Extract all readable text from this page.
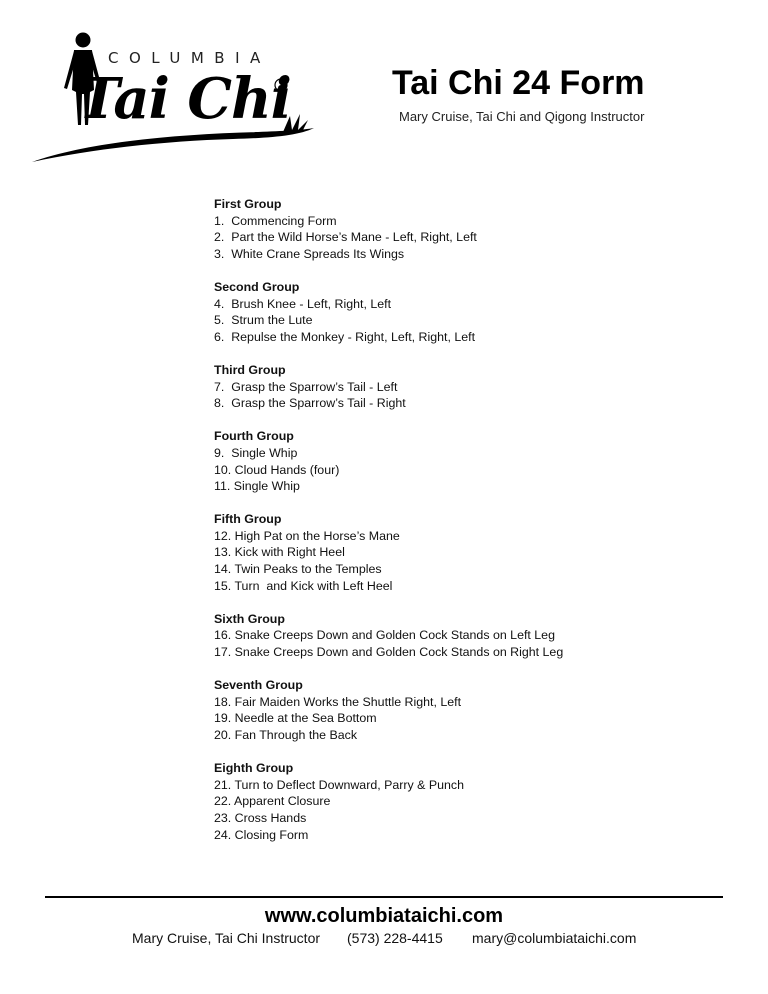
COLUMBIA
Tai Chi	Tai Chi 24 Form
Mary Cruise, Tai Chi and Qigong Instructor
First Group
1.  Commencing Form
2.  Part the Wild Horse’s Mane - Left, Right, Left
3.  White Crane Spreads Its Wings
Second Group
4.  Brush Knee - Left, Right, Left
5.  Strum the Lute
6.  Repulse the Monkey - Right, Left, Right, Left
Third Group
7.  Grasp the Sparrow’s Tail - Left
8.  Grasp the Sparrow’s Tail - Right
Fourth Group
9.  Single Whip
10. Cloud Hands (four)
11. Single Whip
Fifth Group
12. High Pat on the Horse’s Mane
13. Kick with Right Heel
14. Twin Peaks to the Temples
15. Turn  and Kick with Left Heel
Sixth Group
16. Snake Creeps Down and Golden Cock Stands on Left Leg
17. Snake Creeps Down and Golden Cock Stands on Right Leg
Seventh Group
18. Fair Maiden Works the Shuttle Right, Left
19. Needle at the Sea Bottom
20. Fan Through the Back
Eighth Group
21. Turn to Deflect Downward, Parry & Punch
22. Apparent Closure
23. Cross Hands
24. Closing Form
www.columbiataichi.com
Mary Cruise, Tai Chi Instructor (573) 228-4415 mary@columbiataichi.com
